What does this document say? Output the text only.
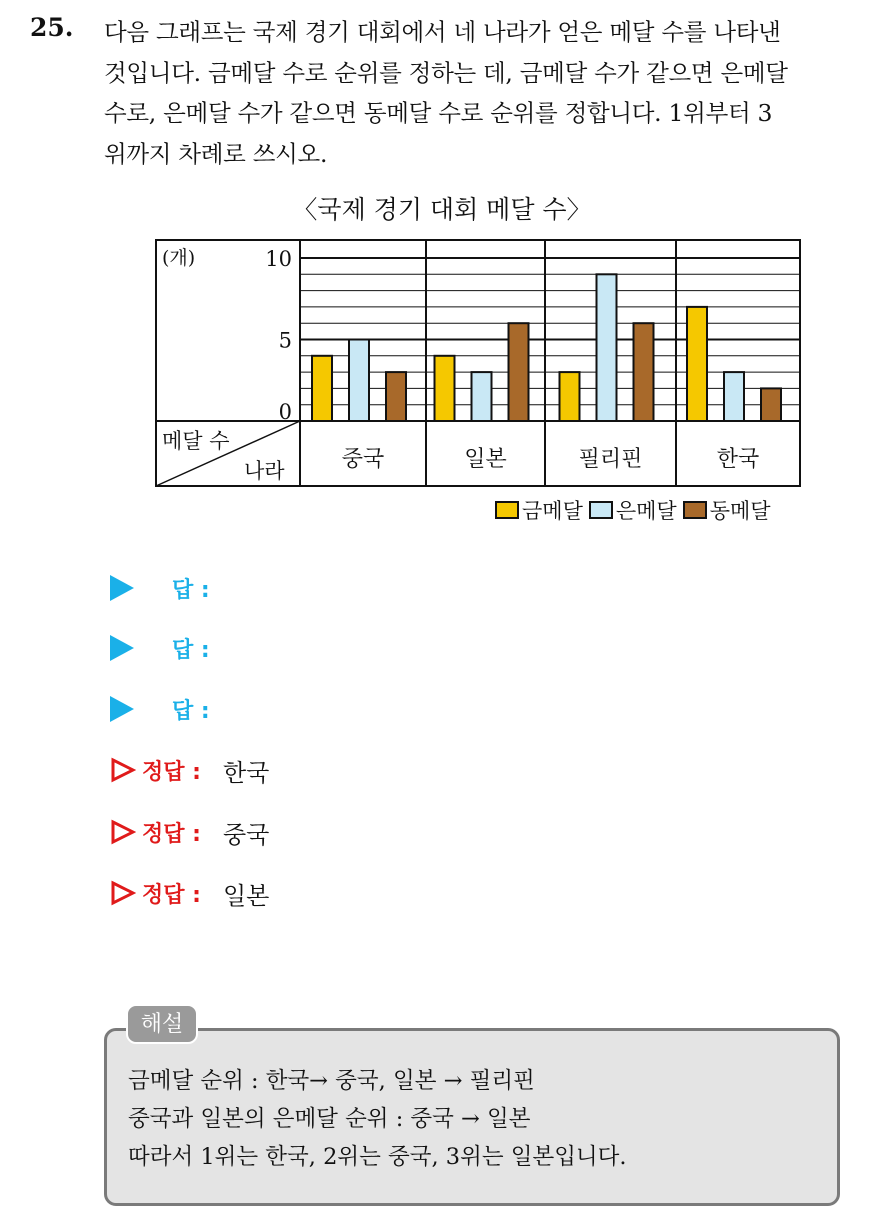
25. 다음 그래프는 국제 경기 대회에서 네 나라가 얻은 메달 수를 나타낸
것입니다. 금메달 수로 순위를 정하는 데, 금메달 수가 같으면 은메달
수로, 은메달 수가 같으면 동메달 수로 순위를 정합니다. 1위부터 3
위까지 차례로 쓰시오.
〈국제 경기 대회 메달 수〉
(개)	10
5
0
메달 수
나라	중국	일본	필리핀	한국
금메달 은메달 동메달
답 :
답 :
답 :
정답 : 한국
정답 : 중국
정답 : 일본
해설
금메달 순위 : 한국→ 중국, 일본 → 필리핀
중국과 일본의 은메달 순위 : 중국 → 일본
따라서 1위는 한국, 2위는 중국, 3위는 일본입니다.
